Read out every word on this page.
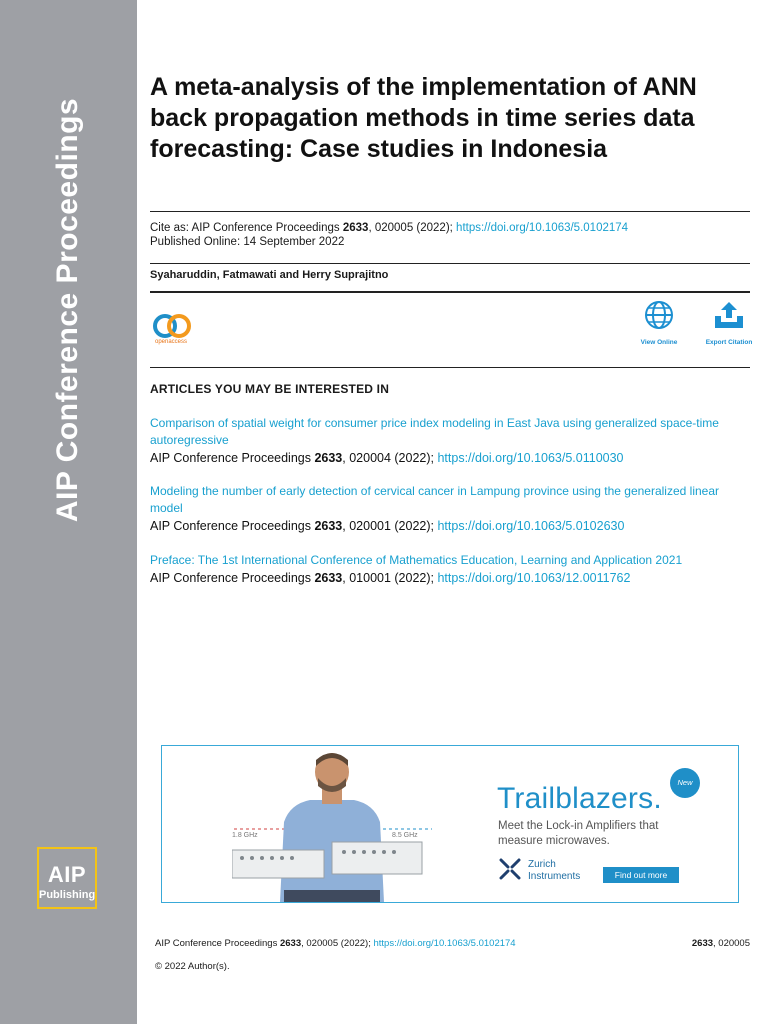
AIP Conference Proceedings
AIP
Publishing
A meta-analysis of the implementation of ANN back propagation methods in time series data forecasting: Case studies in Indonesia
Cite as: AIP Conference Proceedings 2633, 020005 (2022); https://doi.org/10.1063/5.0102174
Published Online: 14 September 2022
Syaharuddin, Fatmawati and Herry Suprajitno
openaccess	View Online	Export Citation
ARTICLES YOU MAY BE INTERESTED IN
Comparison of spatial weight for consumer price index modeling in East Java using generalized space-time autoregressive
AIP Conference Proceedings 2633, 020004 (2022); https://doi.org/10.1063/5.0110030
Modeling the number of early detection of cervical cancer in Lampung province using the generalized linear model
AIP Conference Proceedings 2633, 020001 (2022); https://doi.org/10.1063/5.0102630
Preface: The 1st International Conference of Mathematics Education, Learning and Application 2021
AIP Conference Proceedings 2633, 010001 (2022); https://doi.org/10.1063/12.0011762
1.8 GHz	8.5 GHz
Trailblazers.	New
Meet the Lock-in Amplifiers that
measure microwaves.
Zurich
Instruments	Find out more
AIP Conference Proceedings 2633, 020005 (2022); https://doi.org/10.1063/5.0102174	2633, 020005
© 2022 Author(s).
